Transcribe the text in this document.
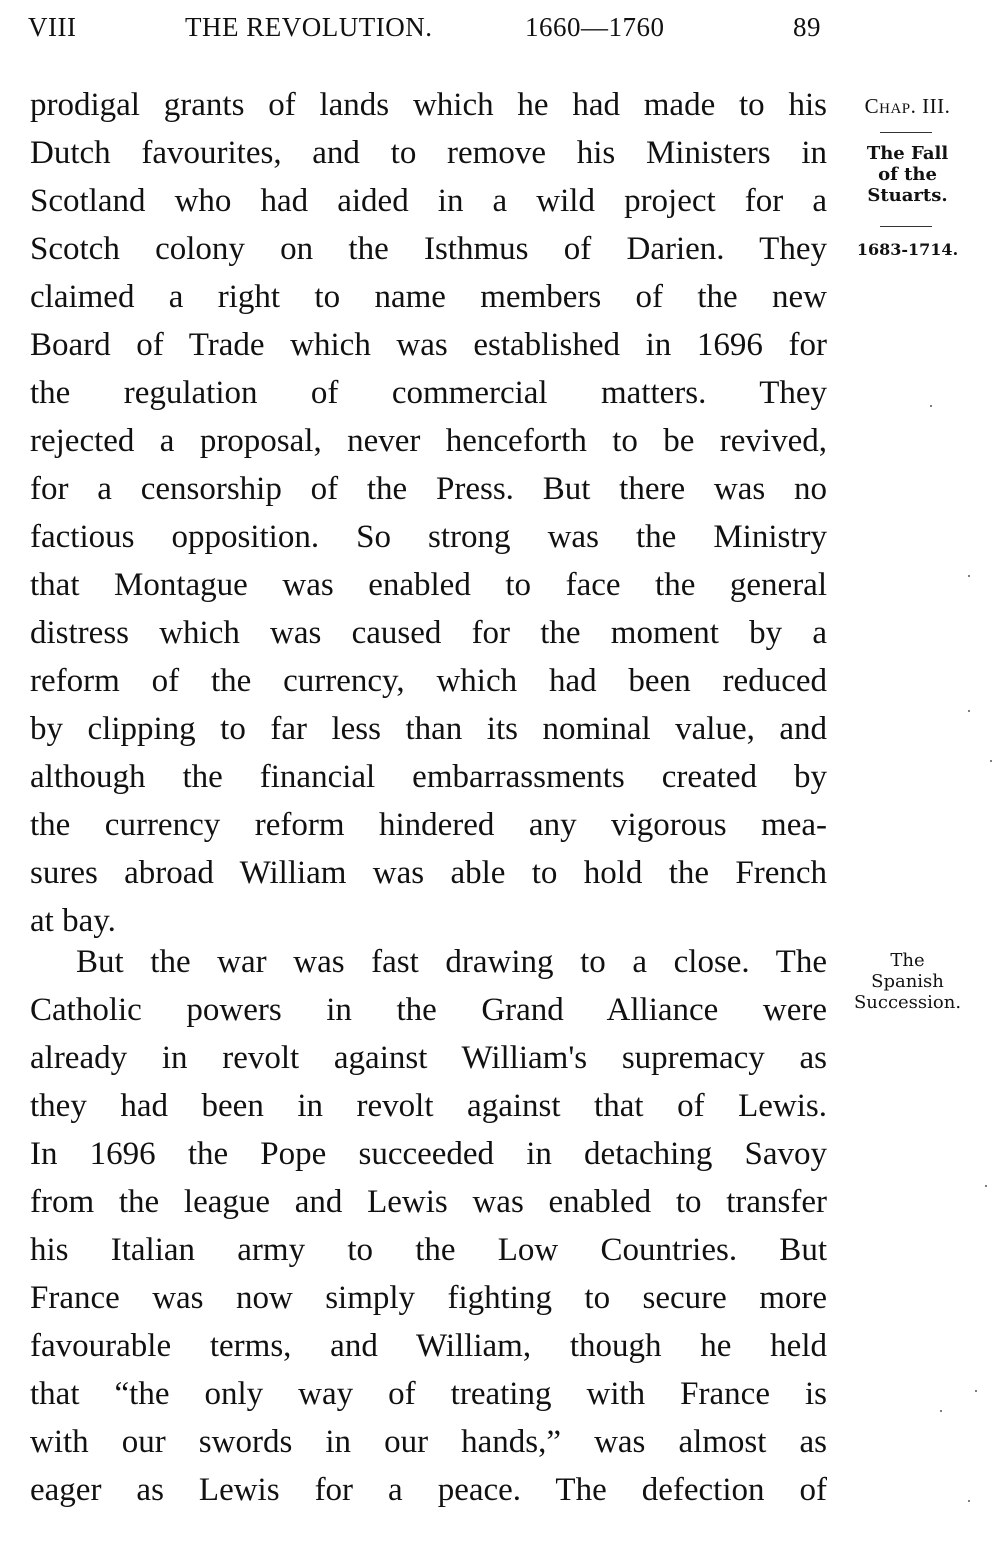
VIII	THE REVOLUTION.	1660—1760	89
prodigal grants of lands which he had made to his
Dutch favourites, and to remove his Ministers in
Scotland who had aided in a wild project for a
Scotch colony on the Isthmus of Darien. They
claimed a right to name members of the new
Board of Trade which was established in 1696 for
the regulation of commercial matters. They
rejected a proposal, never henceforth to be revived,
for a censorship of the Press. But there was no
factious opposition. So strong was the Ministry
that Montague was enabled to face the general
distress which was caused for the moment by a
reform of the currency, which had been reduced
by clipping to far less than its nominal value, and
although the financial embarrassments created by
the currency reform hindered any vigorous mea-
sures abroad William was able to hold the French
at bay.
But the war was fast drawing to a close. The
Catholic powers in the Grand Alliance were
already in revolt against William's supremacy as
they had been in revolt against that of Lewis.
In 1696 the Pope succeeded in detaching Savoy
from the league and Lewis was enabled to transfer
his Italian army to the Low Countries. But
France was now simply fighting to secure more
favourable terms, and William, though he held
that “the only way of treating with France is
with our swords in our hands,” was almost as
eager as Lewis for a peace. The defection of
Chap. III.
The Fall
of the
Stuarts.
1683-1714.
The
Spanish
Succession.
